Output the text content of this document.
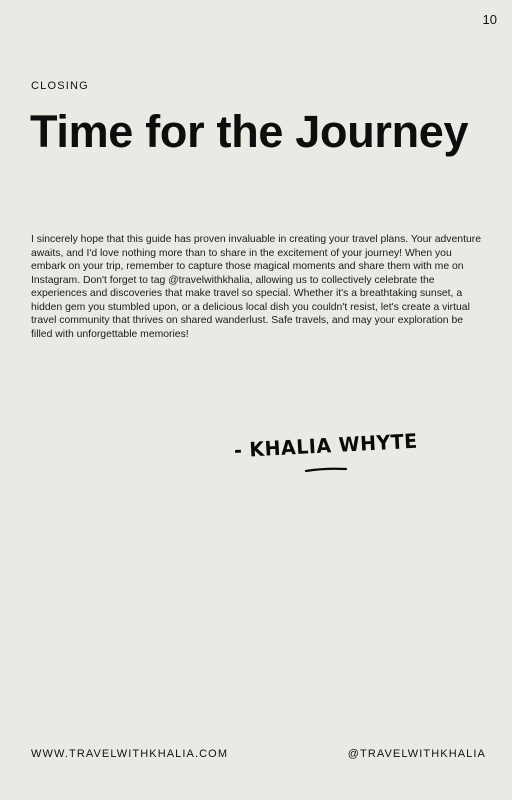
10
CLOSING
Time for the Journey

I sincerely hope that this guide has proven invaluable in creating your travel plans. Your adventure awaits, and I'd love nothing more than to share in the excitement of your journey! When you embark on your trip, remember to capture those magical moments and share them with me on Instagram. Don't forget to tag @travelwithkhalia, allowing us to collectively celebrate the experiences and discoveries that make travel so special. Whether it's a breathtaking sunset, a hidden gem you stumbled upon, or a delicious local dish you couldn't resist, let's create a virtual travel community that thrives on shared wanderlust. Safe travels, and may your exploration be filled with unforgettable memories!

- KHALIA WHYTE
WWW.TRAVELWITHKHALIA.COM	@TRAVELWITHKHALIA
